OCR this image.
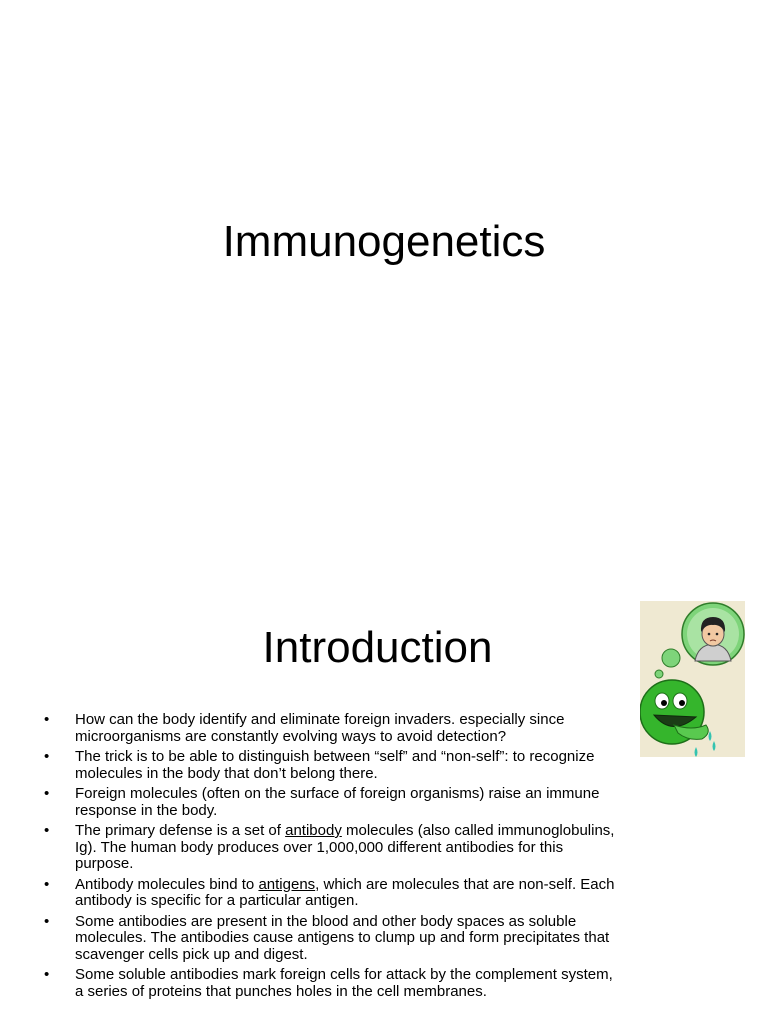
Immunogenetics
Introduction
• How can the body identify and eliminate foreign invaders. especially since microorganisms are constantly evolving ways to avoid detection?
• The trick is to be able to distinguish between “self” and “non-self”: to recognize molecules in the body that don’t belong there.
• Foreign molecules (often on the surface of foreign organisms) raise an immune response in the body.
• The primary defense is a set of antibody molecules (also called immunoglobulins, Ig). The human body produces over 1,000,000 different antibodies for this purpose.
• Antibody molecules bind to antigens, which are molecules that are non-self. Each antibody is specific for a particular antigen.
• Some antibodies are present in the blood and other body spaces as soluble molecules. The antibodies cause antigens to clump up and form precipitates that scavenger cells pick up and digest.
• Some soluble antibodies mark foreign cells for attack by the complement system, a series of proteins that punches holes in the cell membranes.
